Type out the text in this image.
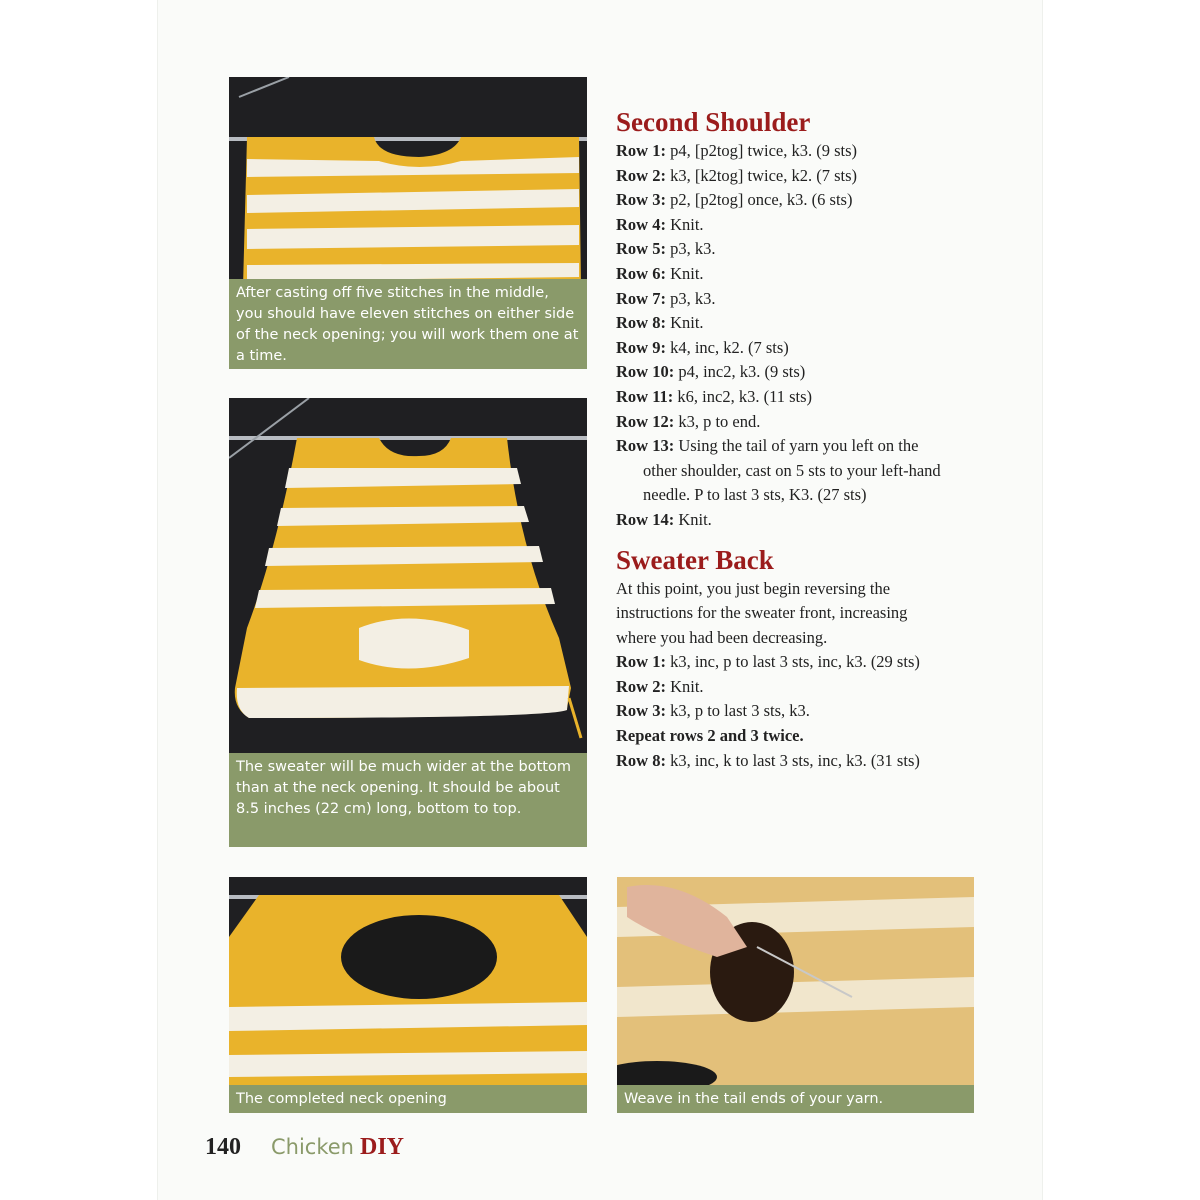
After casting off five stitches in the middle, you should have eleven stitches on either side of the neck opening; you will work them one at a time.
The sweater will be much wider at the bottom than at the neck opening. It should be about 8.5 inches (22 cm) long, bottom to top.
The completed neck opening	Weave in the tail ends of your yarn.
Second Shoulder
Row 1: p4, [p2tog] twice, k3. (9 sts)
Row 2: k3, [k2tog] twice, k2. (7 sts)
Row 3: p2, [p2tog] once, k3. (6 sts)
Row 4: Knit.
Row 5: p3, k3.
Row 6: Knit.
Row 7: p3, k3.
Row 8: Knit.
Row 9: k4, inc, k2. (7 sts)
Row 10: p4, inc2, k3. (9 sts)
Row 11: k6, inc2, k3. (11 sts)
Row 12: k3, p to end.
Row 13: Using the tail of yarn you left on the other shoulder, cast on 5 sts to your left-hand needle. P to last 3 sts, K3. (27 sts)
Row 14: Knit.
Sweater Back
At this point, you just begin reversing the instructions for the sweater front, increasing where you had been decreasing.
Row 1: k3, inc, p to last 3 sts, inc, k3. (29 sts)
Row 2: Knit.
Row 3: k3, p to last 3 sts, k3.
Repeat rows 2 and 3 twice.
Row 8: k3, inc, k to last 3 sts, inc, k3. (31 sts)
140 Chicken DIY
